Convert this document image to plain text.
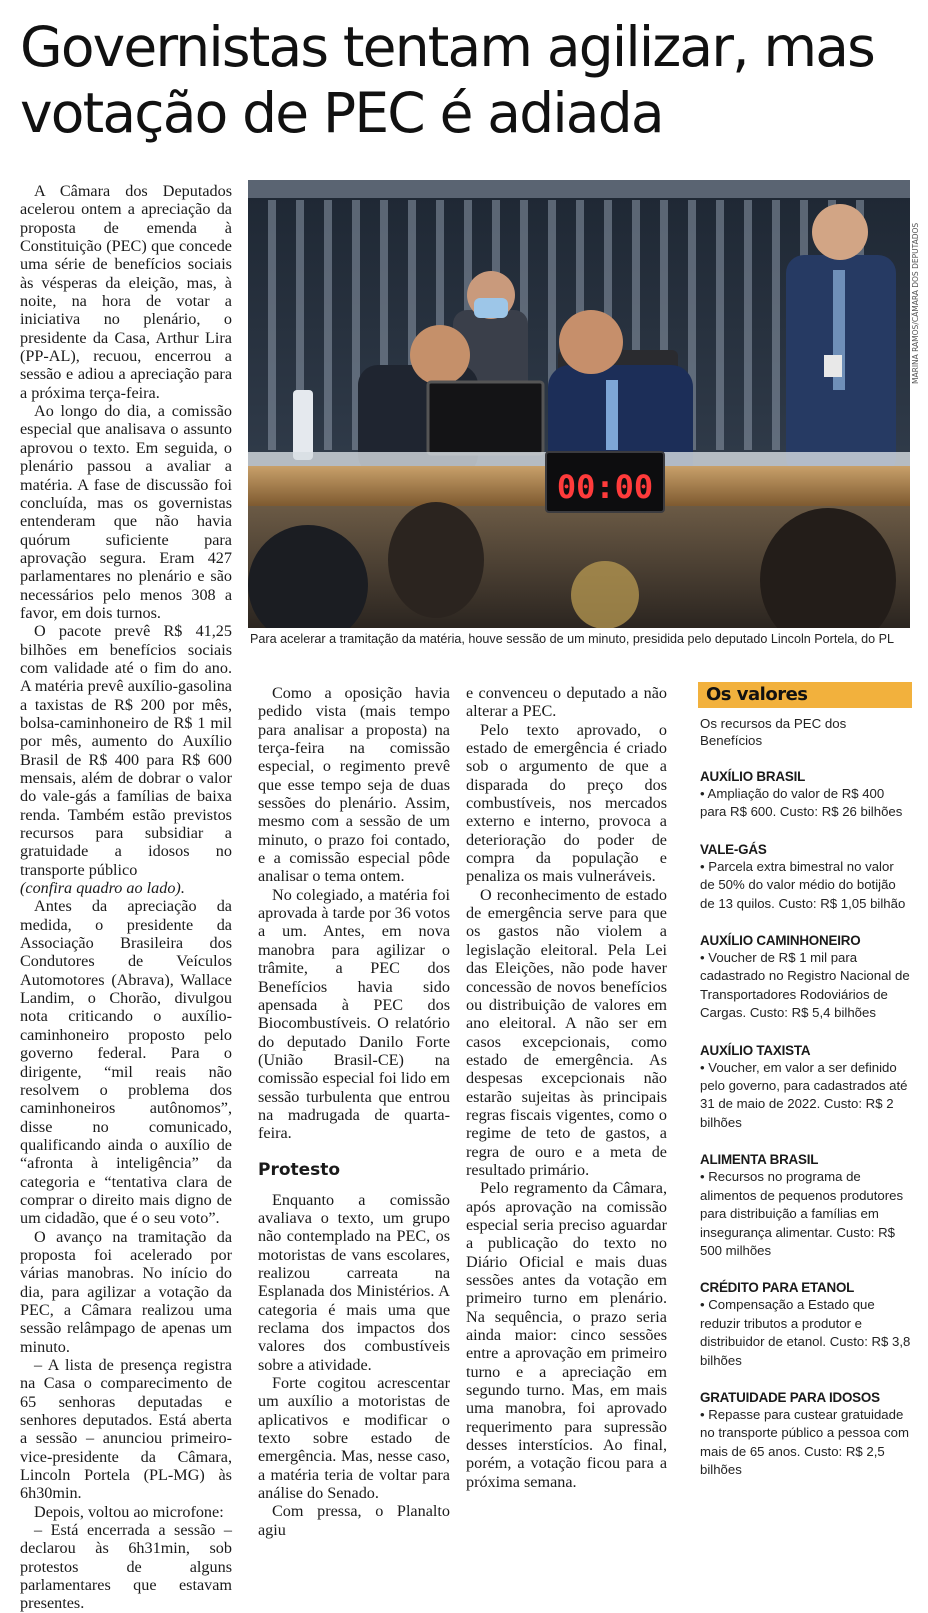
Governistas tentam agilizar, mas votação de PEC é adiada

A Câmara dos Deputados acelerou ontem a apreciação da proposta de emenda à Constituição (PEC) que concede uma série de benefícios sociais às vésperas da eleição, mas, à noite, na hora de votar a iniciativa no plenário, o presidente da Casa, Arthur Lira (PP-AL), recuou, encerrou a sessão e adiou a apreciação para a próxima terça-feira.

Ao longo do dia, a comissão especial que analisava o assunto aprovou o texto. Em seguida, o plenário passou a avaliar a matéria. A fase de discussão foi concluída, mas os governistas entenderam que não havia quórum suficiente para aprovação segura. Eram 427 parlamentares no plenário e são necessários pelo menos 308 a favor, em dois turnos.

O pacote prevê R$ 41,25 bilhões em benefícios sociais com validade até o fim do ano. A matéria prevê auxílio-gasolina a taxistas de R$ 200 por mês, bolsa-caminhoneiro de R$ 1 mil por mês, aumento do Auxílio Brasil de R$ 400 para R$ 600 mensais, além de dobrar o valor do vale-gás a famílias de baixa renda. Também estão previstos recursos para subsidiar a gratuidade a idosos no transporte público

(confira quadro ao lado).

Antes da apreciação da medida, o presidente da Associação Brasileira dos Condutores de Veículos Automotores (Abrava), Wallace Landim, o Chorão, divulgou nota criticando o auxílio-caminhoneiro proposto pelo governo federal. Para o dirigente, “mil reais não resolvem o problema dos caminhoneiros autônomos”, disse no comunicado, qualificando ainda o auxílio de “afronta à inteligência” da categoria e “tentativa clara de comprar o direito mais digno de um cidadão, que é o seu voto”.

O avanço na tramitação da proposta foi acelerado por várias manobras. No início do dia, para agilizar a votação da PEC, a Câmara realizou uma sessão relâmpago de apenas um minuto.

– A lista de presença registra na Casa o comparecimento de 65 senhoras deputadas e senhores deputados. Está aberta a sessão – anunciou primeiro-vice-presidente da Câmara, Lincoln Portela (PL-MG) às 6h30min.

Depois, voltou ao microfone:

– Está encerrada a sessão – declarou às 6h31min, sob protestos de alguns parlamentares que estavam presentes.

00:00
MARINA RAMOS/CÂMARA DOS DEPUTADOS
Para acelerar a tramitação da matéria, houve sessão de um minuto, presidida pelo deputado Lincoln Portela, do PL

Como a oposição havia pedido vista (mais tempo para analisar a proposta) na terça-feira na comissão especial, o regimento prevê que esse tempo seja de duas sessões do plenário. Assim, mesmo com a sessão de um minuto, o prazo foi contado, e a comissão especial pôde analisar o tema ontem.

No colegiado, a matéria foi aprovada à tarde por 36 votos a um. Antes, em nova manobra para agilizar o trâmite, a PEC dos Benefícios havia sido apensada à PEC dos Biocombustíveis. O relatório do deputado Danilo Forte (União Brasil-CE) na comissão especial foi lido em sessão turbulenta que entrou na madrugada de quarta-feira.

Protesto

Enquanto a comissão avaliava o texto, um grupo não contemplado na PEC, os motoristas de vans escolares, realizou carreata na Esplanada dos Ministérios. A categoria é mais uma que reclama dos impactos dos valores dos combustíveis sobre a atividade.

Forte cogitou acrescentar um auxílio a motoristas de aplicativos e modificar o texto sobre estado de emergência. Mas, nesse caso, a matéria teria de voltar para análise do Senado.

Com pressa, o Planalto agiu

e convenceu o deputado a não alterar a PEC.

Pelo texto aprovado, o estado de emergência é criado sob o argumento de que a disparada do preço dos combustíveis, nos mercados externo e interno, provoca a deterioração do poder de compra da população e penaliza os mais vulneráveis.

O reconhecimento de estado de emergência serve para que os gastos não violem a legislação eleitoral. Pela Lei das Eleições, não pode haver concessão de novos benefícios ou distribuição de valores em ano eleitoral. A não ser em casos excepcionais, como estado de emergência. As despesas excepcionais não estarão sujeitas às principais regras fiscais vigentes, como o regime de teto de gastos, a regra de ouro e a meta de resultado primário.

Pelo regramento da Câmara, após aprovação na comissão especial seria preciso aguardar a publicação do texto no Diário Oficial e mais duas sessões antes da votação em primeiro turno em plenário. Na sequência, o prazo seria ainda maior: cinco sessões entre a aprovação em primeiro turno e a apreciação em segundo turno. Mas, em mais uma manobra, foi aprovado requerimento para supressão desses interstícios. Ao final, porém, a votação ficou para a próxima semana.

Os valores
Os recursos da PEC dos Benefícios
AUXÍLIO BRASIL
• Ampliação do valor de R$ 400 para R$ 600. Custo: R$ 26 bilhões
VALE-GÁS
• Parcela extra bimestral no valor de 50% do valor médio do botijão de 13 quilos. Custo: R$ 1,05 bilhão
AUXÍLIO CAMINHONEIRO
• Voucher de R$ 1 mil para cadastrado no Registro Nacional de Transportadores Rodoviários de Cargas. Custo: R$ 5,4 bilhões
AUXÍLIO TAXISTA
• Voucher, em valor a ser definido pelo governo, para cadastrados até 31 de maio de 2022. Custo: R$ 2 bilhões
ALIMENTA BRASIL
• Recursos no programa de alimentos de pequenos produtores para distribuição a famílias em insegurança alimentar. Custo: R$ 500 milhões
CRÉDITO PARA ETANOL
• Compensação a Estado que reduzir tributos a produtor e distribuidor de etanol. Custo: R$ 3,8 bilhões
GRATUIDADE PARA IDOSOS
• Repasse para custear gratuidade no transporte público a pessoa com mais de 65 anos. Custo: R$ 2,5 bilhões
